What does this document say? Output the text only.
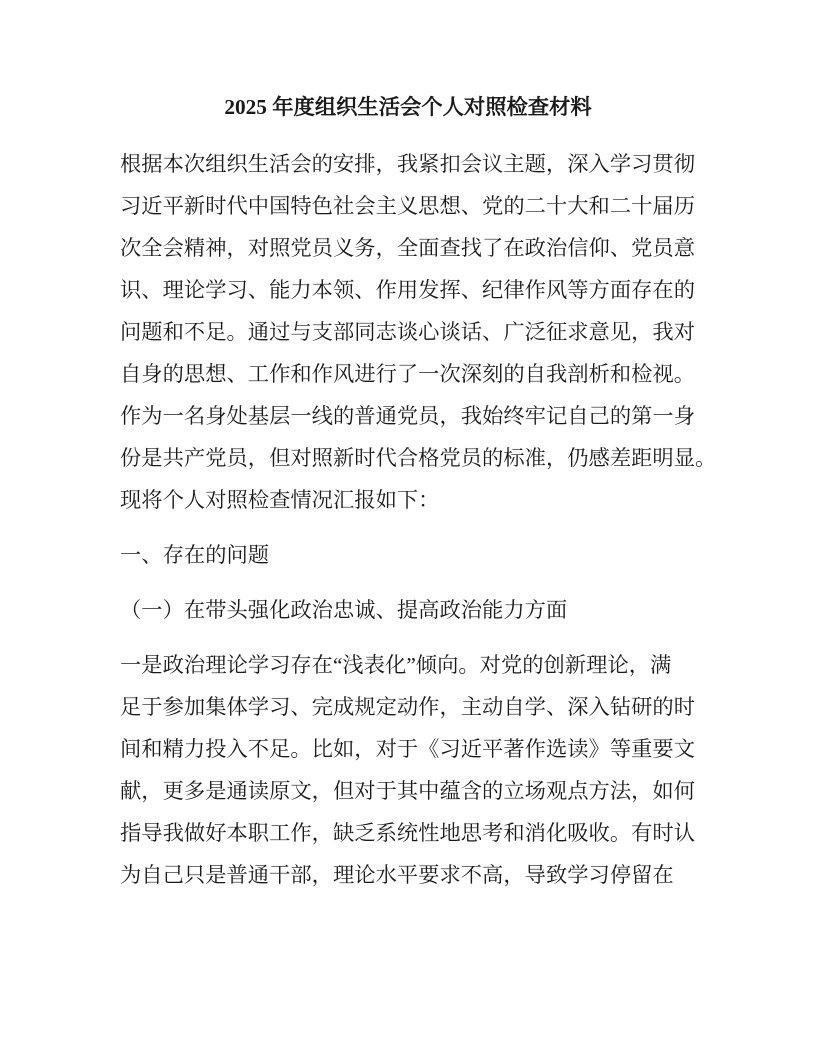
2025 年度组织生活会个人对照检查材料
根据本次组织生活会的安排，我紧扣会议主题，深入学习贯彻
习近平新时代中国特色社会主义思想、党的二十大和二十届历
次全会精神，对照党员义务，全面查找了在政治信仰、党员意
识、理论学习、能力本领、作用发挥、纪律作风等方面存在的
问题和不足。通过与支部同志谈心谈话、广泛征求意见，我对
自身的思想、工作和作风进行了一次深刻的自我剖析和检视。
作为一名身处基层一线的普通党员，我始终牢记自己的第一身
份是共产党员，但对照新时代合格党员的标准，仍感差距明显。
现将个人对照检查情况汇报如下：
一、存在的问题
（一）在带头强化政治忠诚、提高政治能力方面
一是政治理论学习存在“浅表化”倾向。对党的创新理论，满
足于参加集体学习、完成规定动作，主动自学、深入钻研的时
间和精力投入不足。比如，对于《习近平著作选读》等重要文
献，更多是通读原文，但对于其中蕴含的立场观点方法，如何
指导我做好本职工作，缺乏系统性地思考和消化吸收。有时认
为自己只是普通干部，理论水平要求不高，导致学习停留在
